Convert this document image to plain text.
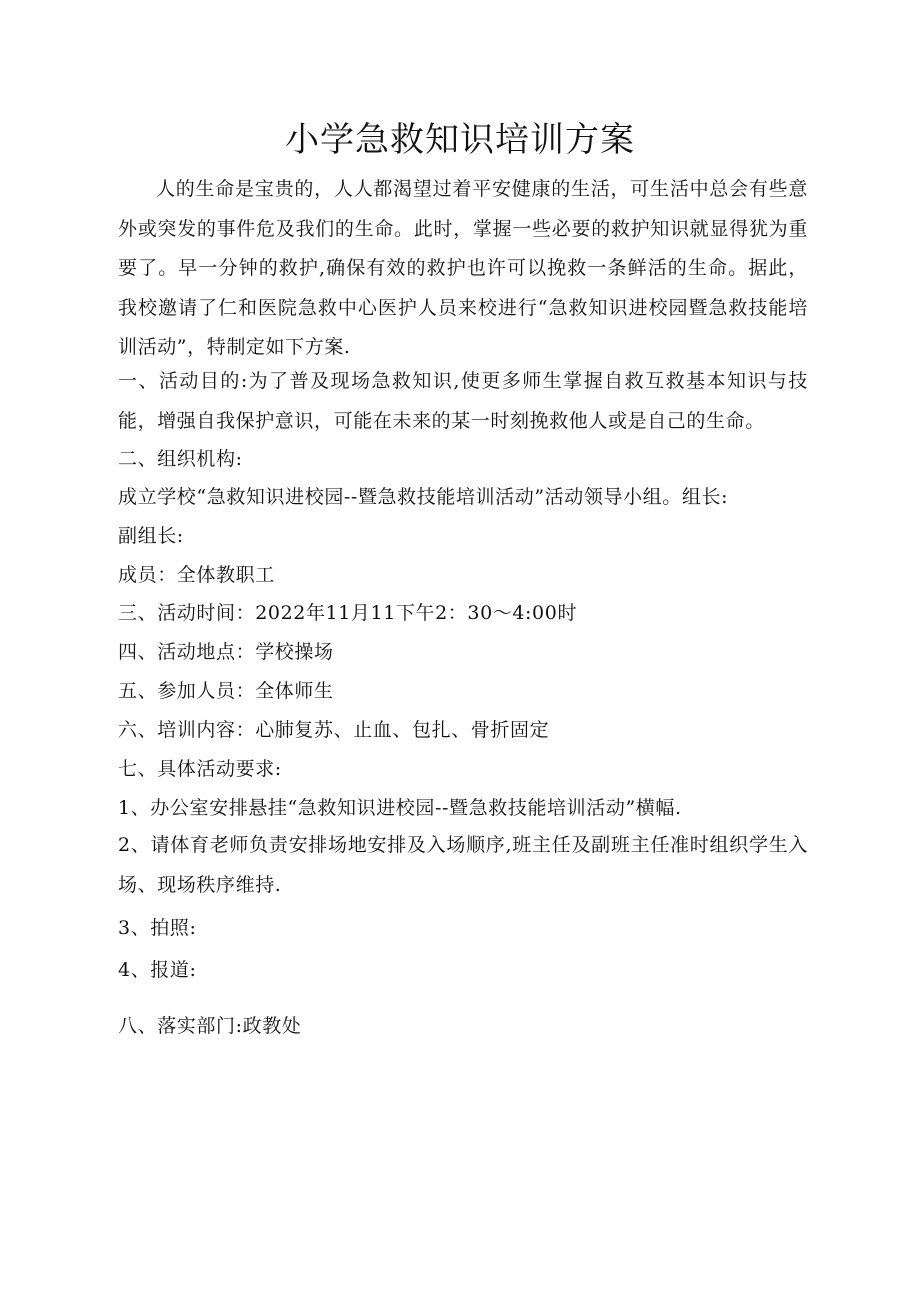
小学急救知识培训方案
人的生命是宝贵的，人人都渴望过着平安健康的生活，可生活中总会有些意外或突发的事件危及我们的生命。此时，掌握一些必要的救护知识就显得犹为重要了。早一分钟的救护,确保有效的救护也许可以挽救一条鲜活的生命。据此，我校邀请了仁和医院急救中心医护人员来校进行“急救知识进校园暨急救技能培训活动”，特制定如下方案.
一、活动目的:为了普及现场急救知识,使更多师生掌握自救互救基本知识与技能，增强自我保护意识，可能在未来的某一时刻挽救他人或是自己的生命。
二、组织机构:
成立学校“急救知识进校园--暨急救技能培训活动”活动领导小组。组长:
副组长:
成员：全体教职工
三、活动时间：2022年11月11下午2：30～4:00时
四、活动地点：学校操场
五、参加人员：全体师生
六、培训内容：心肺复苏、止血、包扎、骨折固定
七、具体活动要求:
1、办公室安排悬挂“急救知识进校园--暨急救技能培训活动”横幅.
2、请体育老师负责安排场地安排及入场顺序,班主任及副班主任准时组织学生入场、现场秩序维持.
3、拍照:
4、报道:
八、落实部门:政教处
